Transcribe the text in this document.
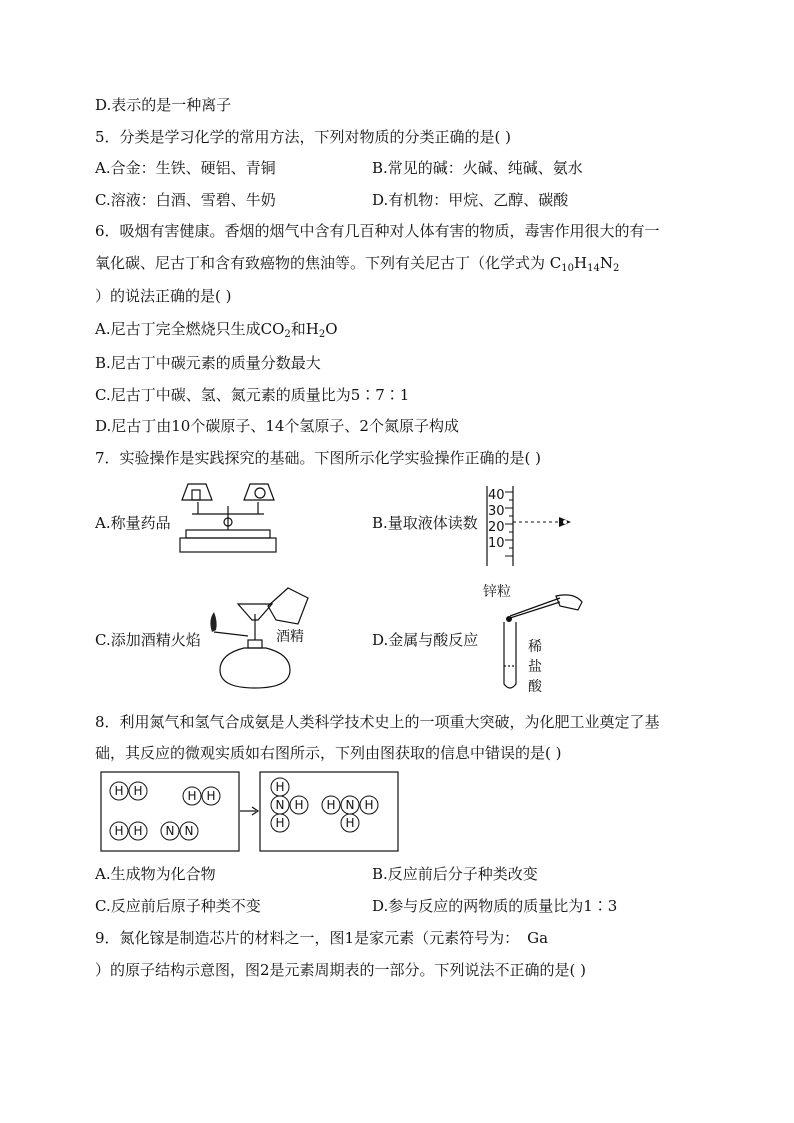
D.表示的是一种离子
5．分类是学习化学的常用方法，下列对物质的分类正确的是( )
A.合金：生铁、硬铝、青铜	B.常见的碱：火碱、纯碱、氨水
C.溶液：白酒、雪碧、牛奶	D.有机物：甲烷、乙醇、碳酸
6．吸烟有害健康。香烟的烟气中含有几百种对人体有害的物质，毒害作用很大的有一
氧化碳、尼古丁和含有致癌物的焦油等。下列有关尼古丁（化学式为 $C_{10}H_{14}N_2$
）的说法正确的是( )
A.尼古丁完全燃烧只生成$CO_2$和$H_2O$
B.尼古丁中碳元素的质量分数最大
C.尼古丁中碳、氢、氮元素的质量比为5∶7∶1
D.尼古丁由10个碳原子、14个氢原子、2个氮原子构成
7．实验操作是实践探究的基础。下图所示化学实验操作正确的是( )
A.称量药品	B.量取液体读数
C.添加酒精火焰	D.金属与酸反应
40
30
20
10
酒精
锌粒
稀
盐
酸
8．利用氮气和氢气合成氨是人类科学技术史上的一项重大突破，为化肥工业奠定了基
础，其反应的微观实质如右图所示，下列由图获取的信息中错误的是( )
H H	H H
H H N N
H
N
H
H H N H
H
A.生成物为化合物	B.反应前后分子种类改变
C.反应前后原子种类不变	D.参与反应的两物质的质量比为1∶3
9．氮化镓是制造芯片的材料之一，图1是家元素（元素符号为： Ga
）的原子结构示意图，图2是元素周期表的一部分。下列说法不正确的是( )
